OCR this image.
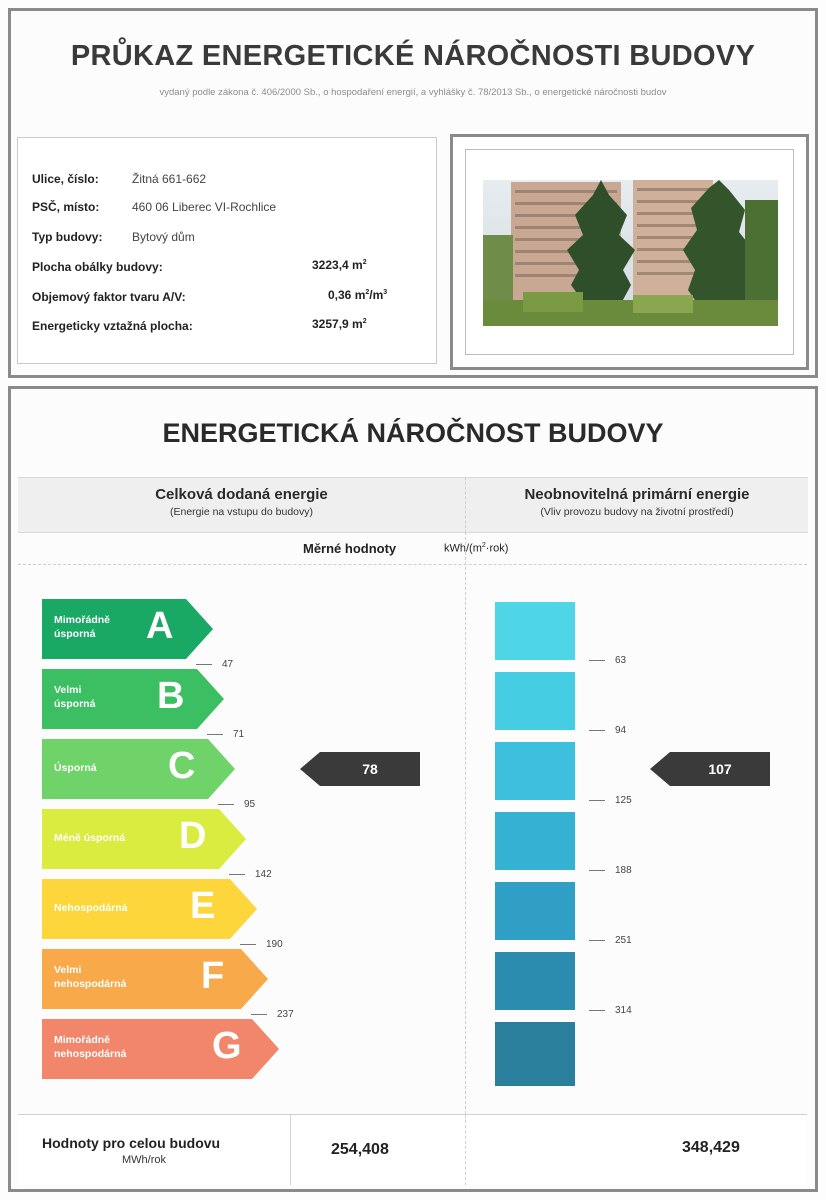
PRŮKAZ ENERGETICKÉ NÁROČNOSTI BUDOVY
vydaný podle zákona č. 406/2000 Sb., o hospodaření energií, a vyhlášky č. 78/2013 Sb., o energetické náročnosti budov
Ulice, číslo:	Žitná 661-662
PSČ, místo:	460 06 Liberec VI-Rochlice
Typ budovy: Bytový dům
Plocha obálky budovy:	3223,4 $m^2$
Objemový faktor tvaru A/V:	0,36 $m^2/m^3$
Energeticky vztažná plocha:	3257,9 $m^2$
ENERGETICKÁ NÁROČNOST BUDOVY
Celková dodaná energie
(Energie na vstupu do budovy)
Neobnovitelná primární energie
(Vliv provozu budovy na životní prostředí)
Měrné hodnoty	kWh/$(m^2\cdot rok)$
Mimořádně
úsporná	A
Velmi
úsporná B
Úsporná C
Méně úsporná D
Nehospodárná E
Velmi
nehospodárná F
Mimořádně
nehospodárná G
47
71
95
142
190
237
63
94
125
188
251
314
78	107
Hodnoty pro celou budovu
MWh/rok
254,408	348,429
